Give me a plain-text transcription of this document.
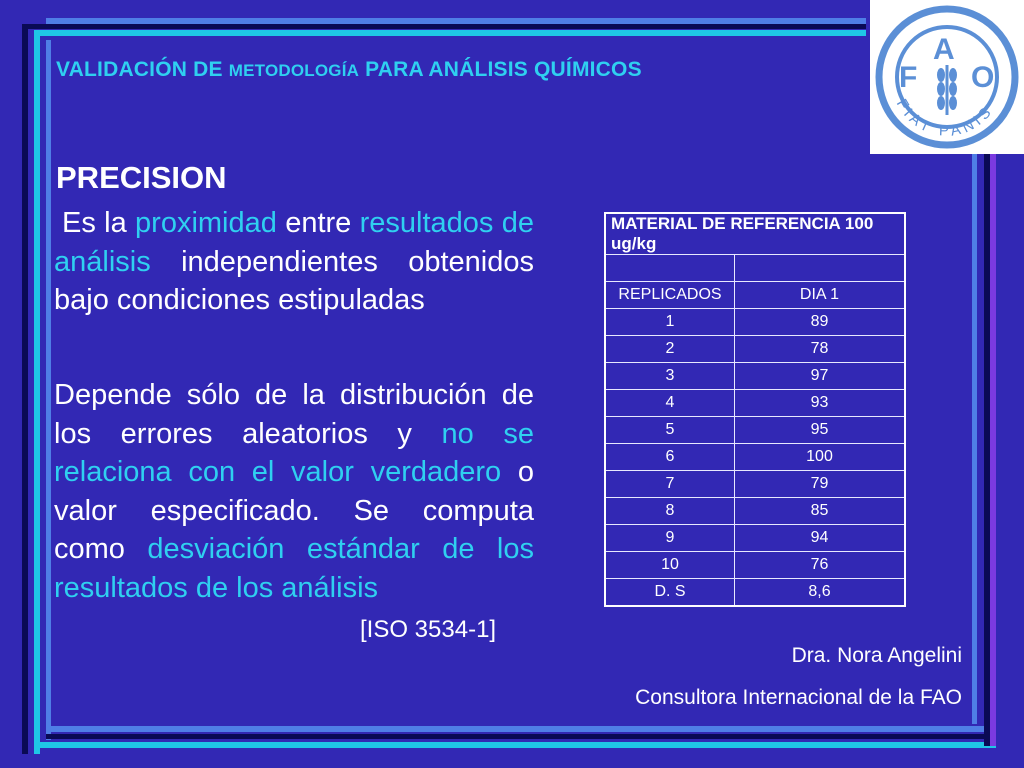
F
A
O
FIAT PANIS
VALIDACIÓN DE METODOLOGÍA PARA ANÁLISIS QUÍMICOS
PRECISION
Es la proximidad entre resultados de análisis independientes obtenidos bajo condiciones estipuladas
Depende sólo de la distribución de los errores aleatorios y no se relaciona con el valor verdadero o valor especificado. Se computa como desviación estándar de los resultados de los análisis
[ISO 3534-1]
MATERIAL DE REFERENCIA 100 ug/kg	

REPLICADOS	DIA 1
1	89
2	78
3	97
4	93
5	95
6	100
7	79
8	85
9	94
10	76
D. S	8,6
Dra. Nora Angelini
Consultora Internacional de la FAO
